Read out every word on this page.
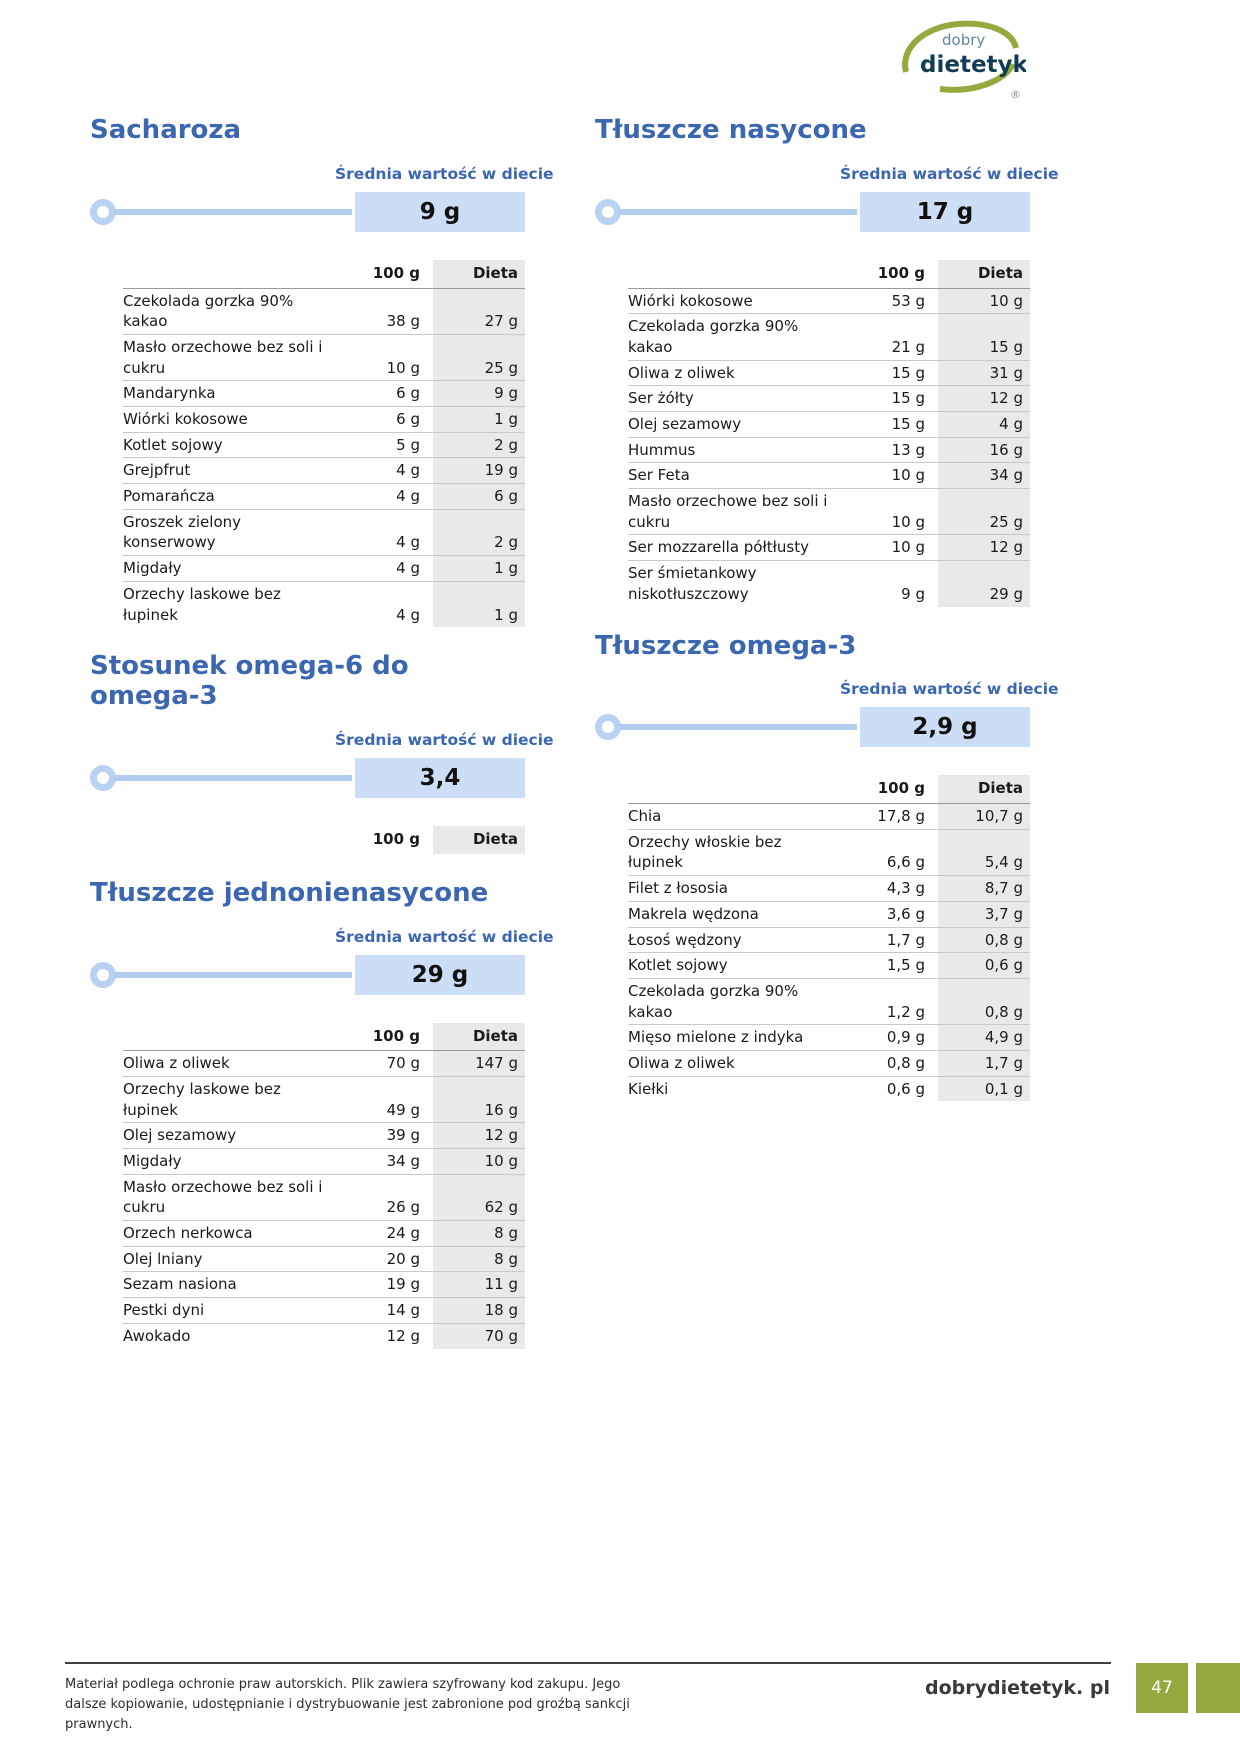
dobry
dietetyk
®
Sacharoza
Średnia wartość w diecie
9 g
	100 g	Dieta
Czekolada gorzka 90% kakao	38 g	27 g
Masło orzechowe bez soli i cukru	10 g	25 g
Mandarynka	6 g	9 g
Wiórki kokosowe	6 g	1 g
Kotlet sojowy	5 g	2 g
Grejpfrut	4 g	19 g
Pomarańcza	4 g	6 g
Groszek zielony konserwowy	4 g	2 g
Migdały	4 g	1 g
Orzechy laskowe bez łupinek	4 g	1 g
Stosunek omega-6 do omega-3
Średnia wartość w diecie
3,4
	100 g	Dieta
Tłuszcze jednonienasycone
Średnia wartość w diecie
29 g
	100 g	Dieta
Oliwa z oliwek	70 g	147 g
Orzechy laskowe bez łupinek	49 g	16 g
Olej sezamowy	39 g	12 g
Migdały	34 g	10 g
Masło orzechowe bez soli i cukru	26 g	62 g
Orzech nerkowca	24 g	8 g
Olej lniany	20 g	8 g
Sezam nasiona	19 g	11 g
Pestki dyni	14 g	18 g
Awokado	12 g	70 g
Tłuszcze nasycone
Średnia wartość w diecie
17 g
	100 g	Dieta
Wiórki kokosowe	53 g	10 g
Czekolada gorzka 90% kakao	21 g	15 g
Oliwa z oliwek	15 g	31 g
Ser żółty	15 g	12 g
Olej sezamowy	15 g	4 g
Hummus	13 g	16 g
Ser Feta	10 g	34 g
Masło orzechowe bez soli i cukru	10 g	25 g
Ser mozzarella półtłusty	10 g	12 g
Ser śmietankowy niskotłuszczowy	9 g	29 g
Tłuszcze omega-3
Średnia wartość w diecie
2,9 g
	100 g	Dieta
Chia	17,8 g	10,7 g
Orzechy włoskie bez łupinek	6,6 g	5,4 g
Filet z łososia	4,3 g	8,7 g
Makrela wędzona	3,6 g	3,7 g
Łosoś wędzony	1,7 g	0,8 g
Kotlet sojowy	1,5 g	0,6 g
Czekolada gorzka 90% kakao	1,2 g	0,8 g
Mięso mielone z indyka	0,9 g	4,9 g
Oliwa z oliwek	0,8 g	1,7 g
Kiełki	0,6 g	0,1 g

Materiał podlega ochronie praw autorskich. Plik zawiera szyfrowany kod zakupu. Jego dalsze kopiowanie, udostępnianie i dystrybuowanie jest zabronione pod groźbą sankcji prawnych.

dobrydietetyk. pl	47
